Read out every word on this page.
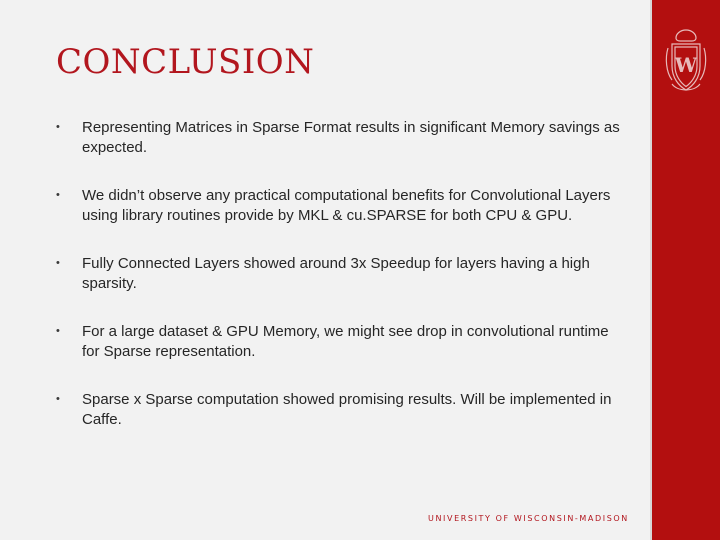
W
CONCLUSION
• Representing Matrices in Sparse Format results in significant Memory savings as expected.
• We didn’t observe any practical computational benefits for Convolutional Layers using library routines provide by MKL & cu.SPARSE for both CPU & GPU.
• Fully Connected Layers showed around 3x Speedup for layers having a high sparsity.
• For a large dataset & GPU Memory, we might see drop in convolutional runtime for Sparse representation.
• Sparse x Sparse computation showed promising results. Will be implemented in Caffe.
UNIVERSITY OF WISCONSIN-MADISON
